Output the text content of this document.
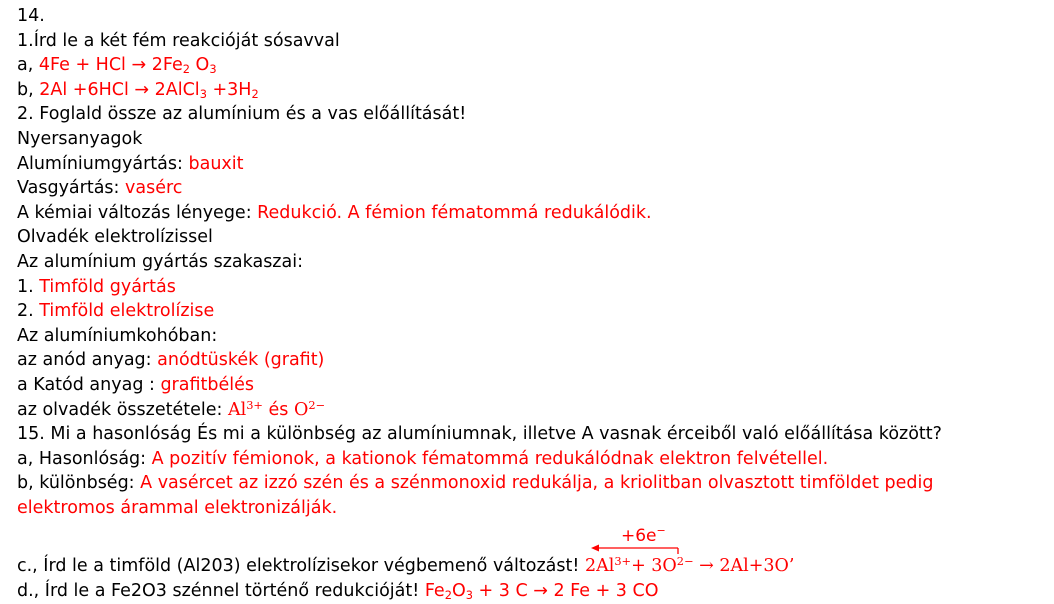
14.
1.Írd le a két fém reakcióját sósavval
a, 4Fe + HCl → $2Fe_2$ $O_3$
b, 2Al +6HCl → 2AlCl$_3$ $+3H_2$
2. Foglald össze az alumínium és a vas előállítását!
Nyersanyagok
Alumíniumgyártás: bauxit
Vasgyártás: vasérc
A kémiai változás lényege: Redukció. A fémion fématommá redukálódik.
Olvadék elektrolízissel
Az alumínium gyártás szakaszai:
1. Timföld gyártás
2. Timföld elektrolízise
Az alumíniumkohóban:
az anód anyag: anódtüskék (grafit)
a Katód anyag : grafitbélés
az olvadék összetétele: $Al^{3+}$ és $O^{2-}$
15. Mi a hasonlóság És mi a különbség az alumíniumnak, illetve A vasnak érceiből való előállítása között?
a, Hasonlóság: A pozitív fémionok, a kationok fématommá redukálódnak elektron felvétellel.
b, különbség: A vasércet az izzó szén és a szénmonoxid redukálja, a kriolitban olvasztott timföldet pedig
elektromos árammal elektronizálják.
+6e−
c., Írd le a timföld (Al203) elektrolízisekor végbemenő változást! $2Al^{3+}+ 3O^{2-} \to 2Al+3O$’
d., Írd le a Fe2O3 szénnel történő redukcióját! $Fe_2O_3 + 3$ C → 2 Fe + 3 CO
